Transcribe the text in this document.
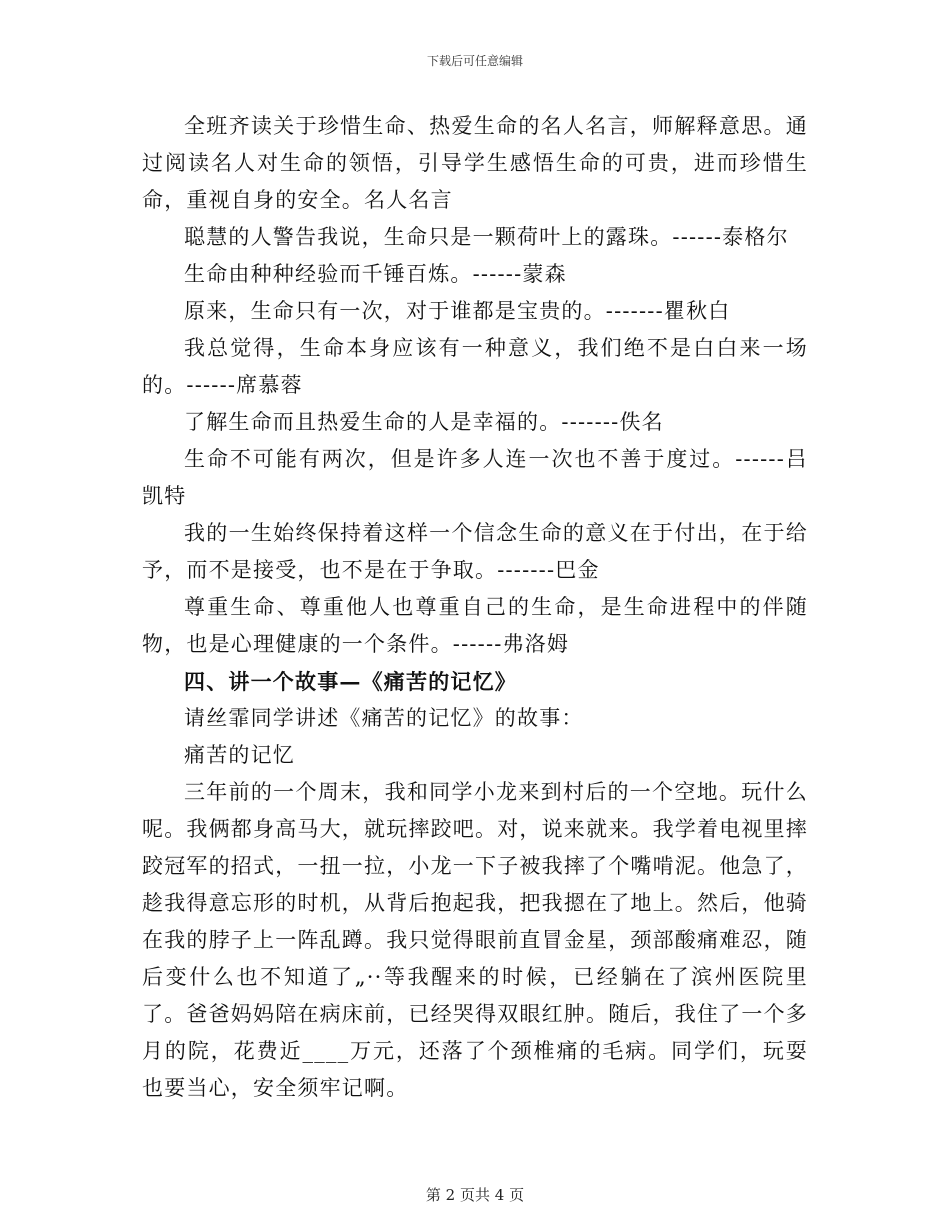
下载后可任意编辑

全班齐读关于珍惜生命、热爱生命的名人名言，师解释意思。通过阅读名人对生命的领悟，引导学生感悟生命的可贵，进而珍惜生命，重视自身的安全。名人名言

聪慧的人警告我说，生命只是一颗荷叶上的露珠。------泰格尔

生命由种种经验而千锤百炼。------蒙森

原来，生命只有一次，对于谁都是宝贵的。-------瞿秋白

我总觉得，生命本身应该有一种意义，我们绝不是白白来一场的。------席慕蓉

了解生命而且热爱生命的人是幸福的。-------佚名

生命不可能有两次，但是许多人连一次也不善于度过。------吕凯特

我的一生始终保持着这样一个信念生命的意义在于付出，在于给予，而不是接受，也不是在于争取。-------巴金

尊重生命、尊重他人也尊重自己的生命，是生命进程中的伴随物，也是心理健康的一个条件。------弗洛姆

四、讲一个故事—《痛苦的记忆》

请丝霏同学讲述《痛苦的记忆》的故事：

痛苦的记忆

三年前的一个周末，我和同学小龙来到村后的一个空地。玩什么呢。我俩都身高马大，就玩摔跤吧。对，说来就来。我学着电视里摔跤冠军的招式，一扭一拉，小龙一下子被我摔了个嘴啃泥。他急了，趁我得意忘形的时机，从背后抱起我，把我摁在了地上。然后，他骑在我的脖子上一阵乱蹲。我只觉得眼前直冒金星，颈部酸痛难忍，随后变什么也不知道了„··等我醒来的时候，已经躺在了滨州医院里了。爸爸妈妈陪在病床前，已经哭得双眼红肿。随后，我住了一个多月的院，花费近____万元，还落了个颈椎痛的毛病。同学们，玩耍也要当心，安全须牢记啊。

第 2 页共 4 页
